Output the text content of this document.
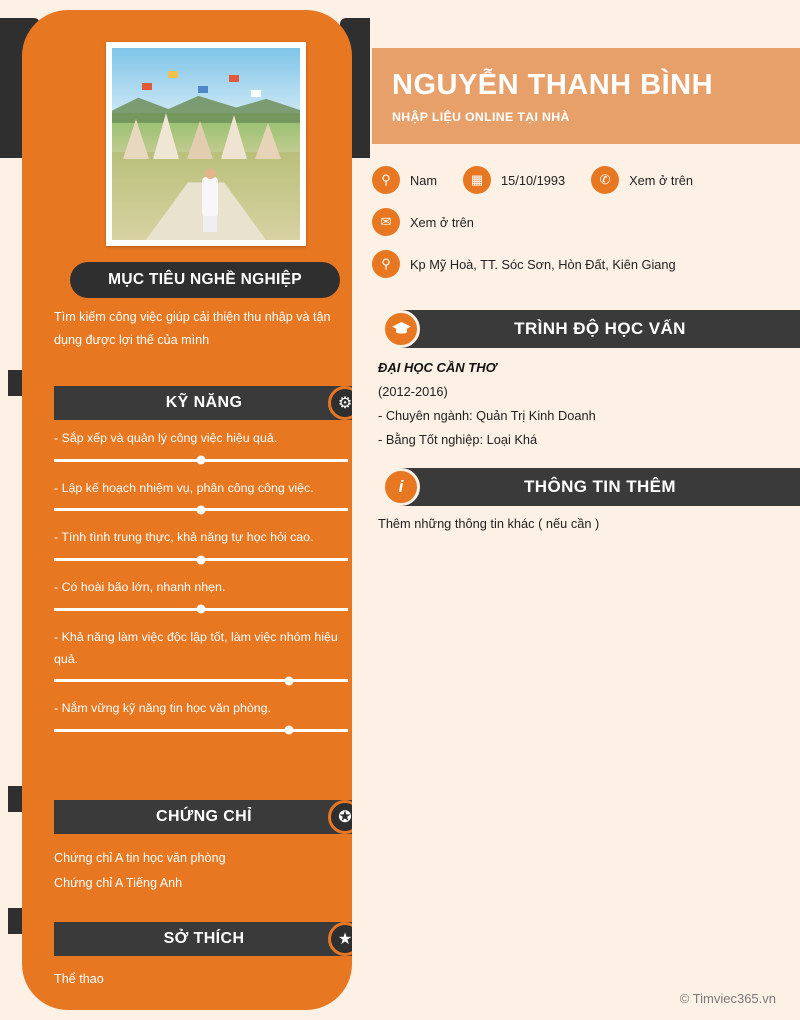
MỤC TIÊU NGHỀ NGHIỆP
Tìm kiếm công việc giúp cải thiện thu nhập và tận dụng được lợi thế của mình
KỸ NĂNG	⚙
- Sắp xếp và quản lý công việc hiệu quả.
- Lập kế hoạch nhiệm vụ, phân công công việc.
- Tính tình trung thực, khả năng tự học hỏi cao.
- Có hoài bão lớn, nhanh nhẹn.
- Khả năng làm việc độc lập tốt, làm việc nhóm hiệu quả.
- Nắm vững kỹ năng tin học văn phòng.
CHỨNG CHỈ	✪
Chứng chỉ A tin học văn phòng
Chứng chỉ A Tiếng Anh
SỞ THÍCH	★
Thể thao
NGUYỄN THANH BÌNH
NHẬP LIỆU ONLINE TẠI NHÀ
⚲	Nam	▦	15/10/1993	✆	Xem ở trên
✉	Xem ở trên
⚲	Kp Mỹ Hoà, TT. Sóc Sơn, Hòn Đất, Kiên Giang
TRÌNH ĐỘ HỌC VẤN
ĐẠI HỌC CẦN THƠ
(2012-2016)
- Chuyên ngành: Quản Trị Kinh Doanh
- Bằng Tốt nghiệp: Loại Khá
i	THÔNG TIN THÊM
Thêm những thông tin khác ( nếu cần )
© Timviec365.vn
